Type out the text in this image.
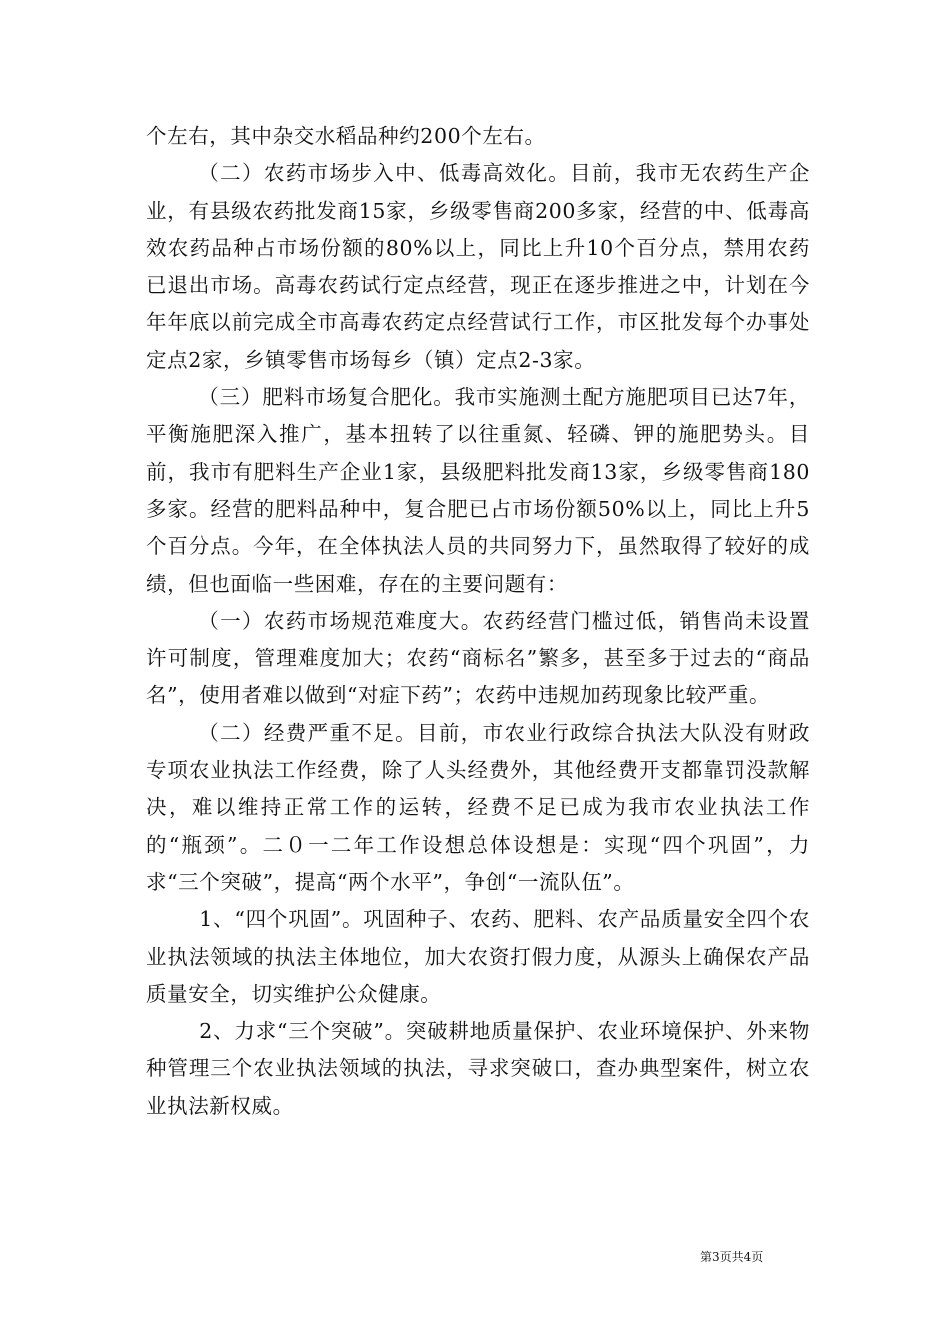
个左右，其中杂交水稻品种约200个左右。

（二）农药市场步入中、低毒高效化。目前，我市无农药生产企业，有县级农药批发商15家，乡级零售商200多家，经营的中、低毒高效农药品种占市场份额的80%以上，同比上升10个百分点，禁用农药已退出市场。高毒农药试行定点经营，现正在逐步推进之中，计划在今年年底以前完成全市高毒农药定点经营试行工作，市区批发每个办事处定点2家，乡镇零售市场每乡（镇）定点2-3家。

（三）肥料市场复合肥化。我市实施测土配方施肥项目已达7年，平衡施肥深入推广，基本扭转了以往重氮、轻磷、钾的施肥势头。目前，我市有肥料生产企业1家，县级肥料批发商13家，乡级零售商180多家。经营的肥料品种中，复合肥已占市场份额50%以上，同比上升5个百分点。今年，在全体执法人员的共同努力下，虽然取得了较好的成绩，但也面临一些困难，存在的主要问题有：

（一）农药市场规范难度大。农药经营门槛过低，销售尚未设置许可制度，管理难度加大；农药“商标名”繁多，甚至多于过去的“商品名”，使用者难以做到“对症下药”；农药中违规加药现象比较严重。

（二）经费严重不足。目前，市农业行政综合执法大队没有财政专项农业执法工作经费，除了人头经费外，其他经费开支都靠罚没款解决，难以维持正常工作的运转，经费不足已成为我市农业执法工作的“瓶颈”。二０一二年工作设想总体设想是：实现“四个巩固”，力求“三个突破”，提高“两个水平”，争创“一流队伍”。

1、“四个巩固”。巩固种子、农药、肥料、农产品质量安全四个农业执法领域的执法主体地位，加大农资打假力度，从源头上确保农产品质量安全，切实维护公众健康。

2、力求“三个突破”。突破耕地质量保护、农业环境保护、外来物种管理三个农业执法领域的执法，寻求突破口，查办典型案件，树立农业执法新权威。

第3页共4页
